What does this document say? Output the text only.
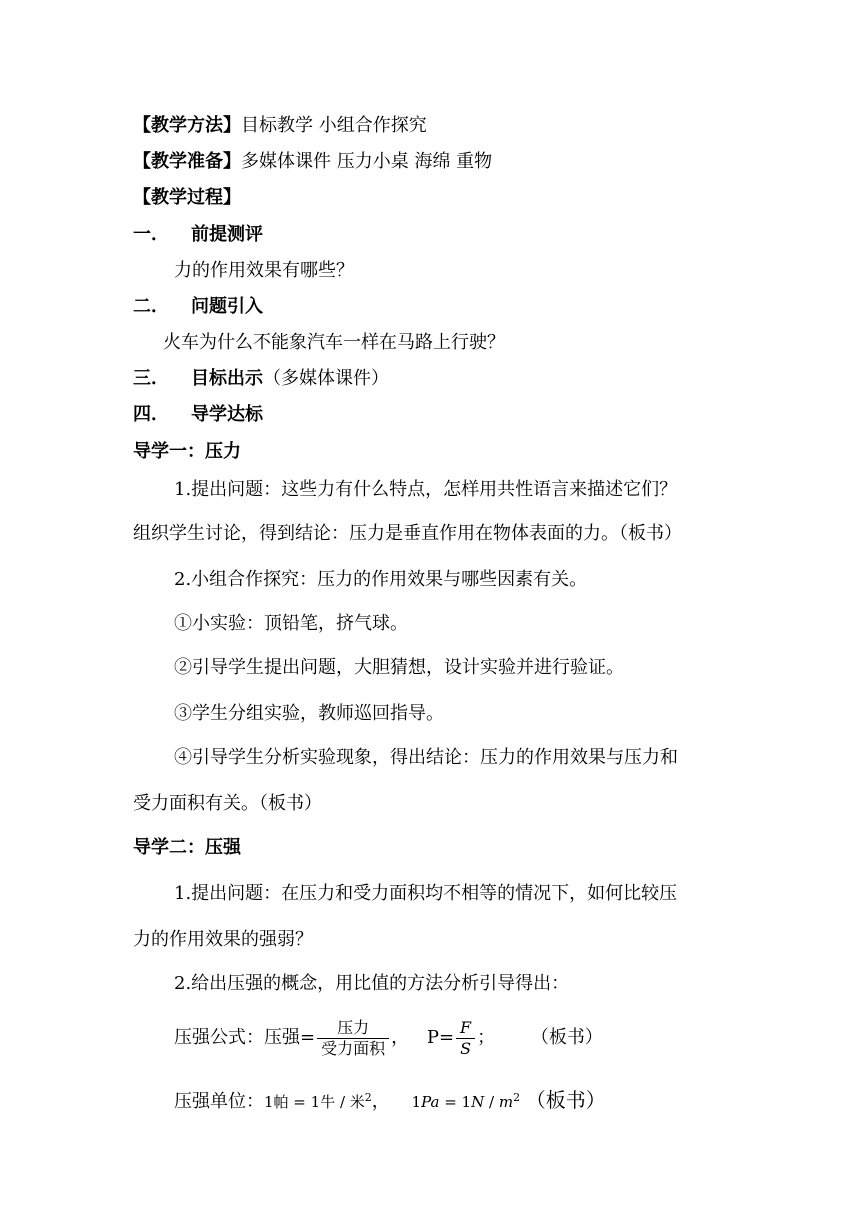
【教学方法】目标教学 小组合作探究
【教学准备】多媒体课件 压力小桌 海绵 重物
【教学过程】
一． 前提测评
力的作用效果有哪些？
二． 问题引入
火车为什么不能象汽车一样在马路上行驶？
三． 目标出示（多媒体课件）
四． 导学达标
导学一：压力
1.提出问题：这些力有什么特点，怎样用共性语言来描述它们？
组织学生讨论，得到结论：压力是垂直作用在物体表面的力。（板书）
2.小组合作探究：压力的作用效果与哪些因素有关。
①小实验：顶铅笔，挤气球。
②引导学生提出问题，大胆猜想，设计实验并进行验证。
③学生分组实验，教师巡回指导。
④引导学生分析实验现象，得出结论：压力的作用效果与压力和
受力面积有关。（板书）
导学二：压强
1.提出问题：在压力和受力面积均不相等的情况下，如何比较压
力的作用效果的强弱？
2.给出压强的概念，用比值的方法分析引导得出：
压强公式：压强= $\frac{\text{压力}}{\text{受力面积}}$ ， $P= \frac{F}{S}$ ； （板书）
压强单位：1帕 = 1牛 / 米$^2$， $1Pa = 1N / m^2$ （板书）
